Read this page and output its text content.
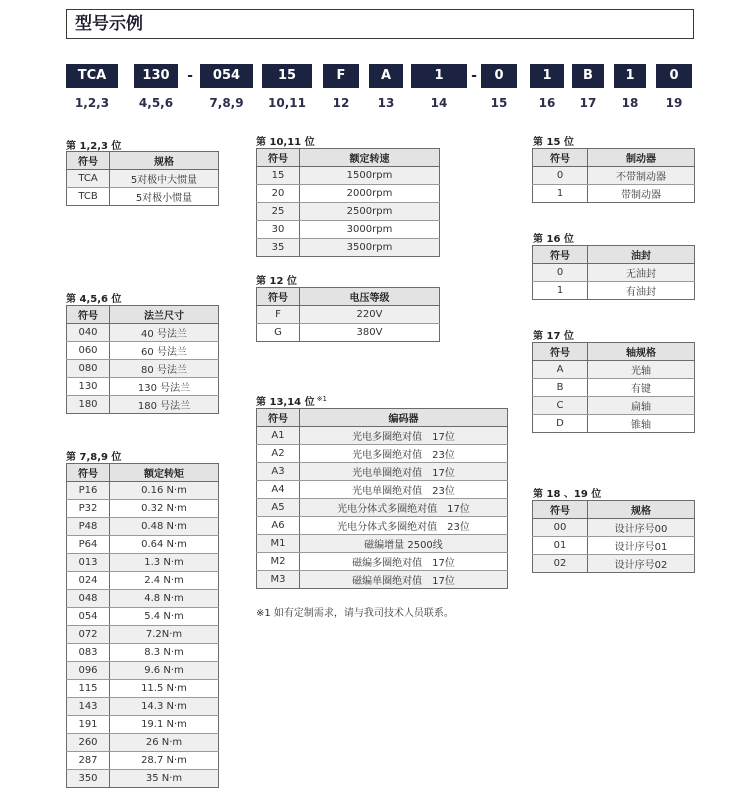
型号示例
TCA
1,2,3
130
4,5,6
054
7,8,9
15
10,11
F
12
A
13
1
14
0
15
1
16
B
17
1
18
0
19
-	-
第 1,2,3 位
第 4,5,6 位
第 7,8,9 位
第 10,11 位
第 12 位
第 13,14 位 $^{※1}$
第 15 位
第 16 位
第 17 位
第 18 、19 位
符号	规格
TCA	5对极中大惯量
TCB	5对极小惯量
符号	法兰尺寸
040	40 号法兰
060	60 号法兰
080	80 号法兰
130	130 号法兰
180	180 号法兰
符号	额定转矩
P16	0.16 N·m
P32	0.32 N·m
P48	0.48 N·m
P64	0.64 N·m
013	1.3 N·m
024	2.4 N·m
048	4.8 N·m
054	5.4 N·m
072	7.2N·m
083	8.3 N·m
096	9.6 N·m
115	11.5 N·m
143	14.3 N·m
191	19.1 N·m
260	26 N·m
287	28.7 N·m
350	35 N·m
符号	额定转速
15	1500rpm
20	2000rpm
25	2500rpm
30	3000rpm
35	3500rpm
符号	电压等级
F	220V
G	380V
符号	编码器
A1	光电多圈绝对值　17位
A2	光电多圈绝对值　23位
A3	光电单圈绝对值　17位
A4	光电单圈绝对值　23位
A5	光电分体式多圈绝对值　17位
A6	光电分体式多圈绝对值　23位
M1	磁编增量 2500线
M2	磁编多圈绝对值　17位
M3	磁编单圈绝对值　17位
符号	制动器
0	不带制动器
1	带制动器
符号	油封
0	无油封
1	有油封
符号	轴规格
A	光轴
B	有键
C	扁轴
D	锥轴
符号	规格
00	设计序号00
01	设计序号01
02	设计序号02
※1 如有定制需求，请与我司技术人员联系。
